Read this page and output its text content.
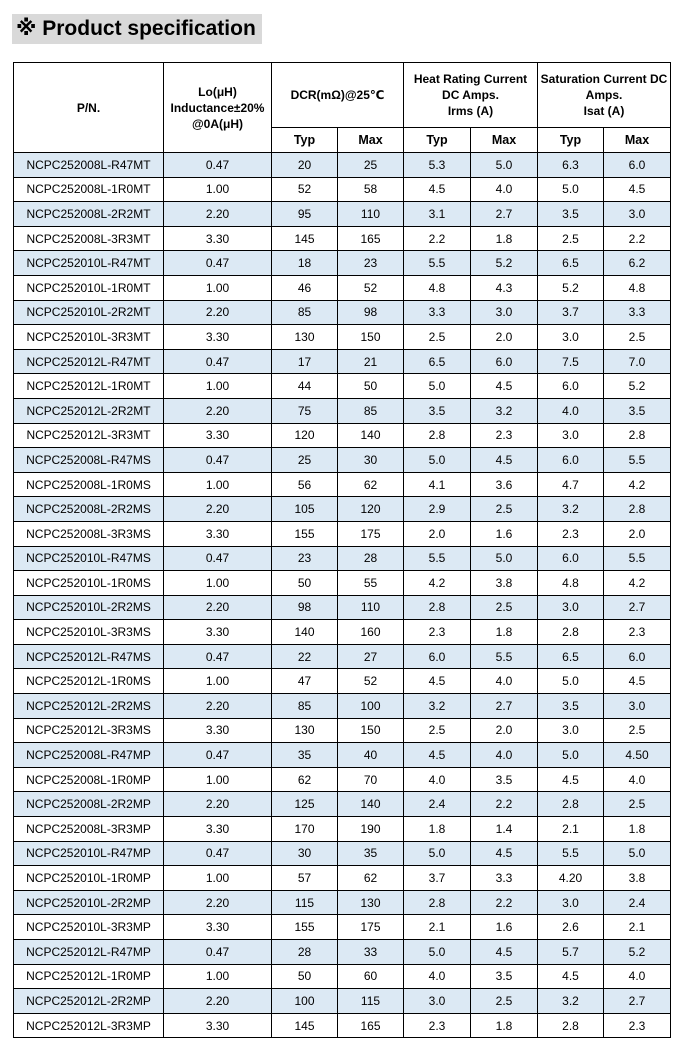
※ Product specification
P/N.	Lo(μH)
Inductance±20%
@0A(μH)	DCR(mΩ)@25℃		Heat Rating Current
DC Amps.
Irms (A)		Saturation Current DC
Amps.
Isat (A)	

		Typ	Max	Typ	Max	Typ	Max
NCPC252008L-R47MT	0.47	20	25	5.3	5.0	6.3	6.0
NCPC252008L-1R0MT	1.00	52	58	4.5	4.0	5.0	4.5
NCPC252008L-2R2MT	2.20	95	110	3.1	2.7	3.5	3.0
NCPC252008L-3R3MT	3.30	145	165	2.2	1.8	2.5	2.2
NCPC252010L-R47MT	0.47	18	23	5.5	5.2	6.5	6.2
NCPC252010L-1R0MT	1.00	46	52	4.8	4.3	5.2	4.8
NCPC252010L-2R2MT	2.20	85	98	3.3	3.0	3.7	3.3
NCPC252010L-3R3MT	3.30	130	150	2.5	2.0	3.0	2.5
NCPC252012L-R47MT	0.47	17	21	6.5	6.0	7.5	7.0
NCPC252012L-1R0MT	1.00	44	50	5.0	4.5	6.0	5.2
NCPC252012L-2R2MT	2.20	75	85	3.5	3.2	4.0	3.5
NCPC252012L-3R3MT	3.30	120	140	2.8	2.3	3.0	2.8
NCPC252008L-R47MS	0.47	25	30	5.0	4.5	6.0	5.5
NCPC252008L-1R0MS	1.00	56	62	4.1	3.6	4.7	4.2
NCPC252008L-2R2MS	2.20	105	120	2.9	2.5	3.2	2.8
NCPC252008L-3R3MS	3.30	155	175	2.0	1.6	2.3	2.0
NCPC252010L-R47MS	0.47	23	28	5.5	5.0	6.0	5.5
NCPC252010L-1R0MS	1.00	50	55	4.2	3.8	4.8	4.2
NCPC252010L-2R2MS	2.20	98	110	2.8	2.5	3.0	2.7
NCPC252010L-3R3MS	3.30	140	160	2.3	1.8	2.8	2.3
NCPC252012L-R47MS	0.47	22	27	6.0	5.5	6.5	6.0
NCPC252012L-1R0MS	1.00	47	52	4.5	4.0	5.0	4.5
NCPC252012L-2R2MS	2.20	85	100	3.2	2.7	3.5	3.0
NCPC252012L-3R3MS	3.30	130	150	2.5	2.0	3.0	2.5
NCPC252008L-R47MP	0.47	35	40	4.5	4.0	5.0	4.50
NCPC252008L-1R0MP	1.00	62	70	4.0	3.5	4.5	4.0
NCPC252008L-2R2MP	2.20	125	140	2.4	2.2	2.8	2.5
NCPC252008L-3R3MP	3.30	170	190	1.8	1.4	2.1	1.8
NCPC252010L-R47MP	0.47	30	35	5.0	4.5	5.5	5.0
NCPC252010L-1R0MP	1.00	57	62	3.7	3.3	4.20	3.8
NCPC252010L-2R2MP	2.20	115	130	2.8	2.2	3.0	2.4
NCPC252010L-3R3MP	3.30	155	175	2.1	1.6	2.6	2.1
NCPC252012L-R47MP	0.47	28	33	5.0	4.5	5.7	5.2
NCPC252012L-1R0MP	1.00	50	60	4.0	3.5	4.5	4.0
NCPC252012L-2R2MP	2.20	100	115	3.0	2.5	3.2	2.7
NCPC252012L-3R3MP	3.30	145	165	2.3	1.8	2.8	2.3
